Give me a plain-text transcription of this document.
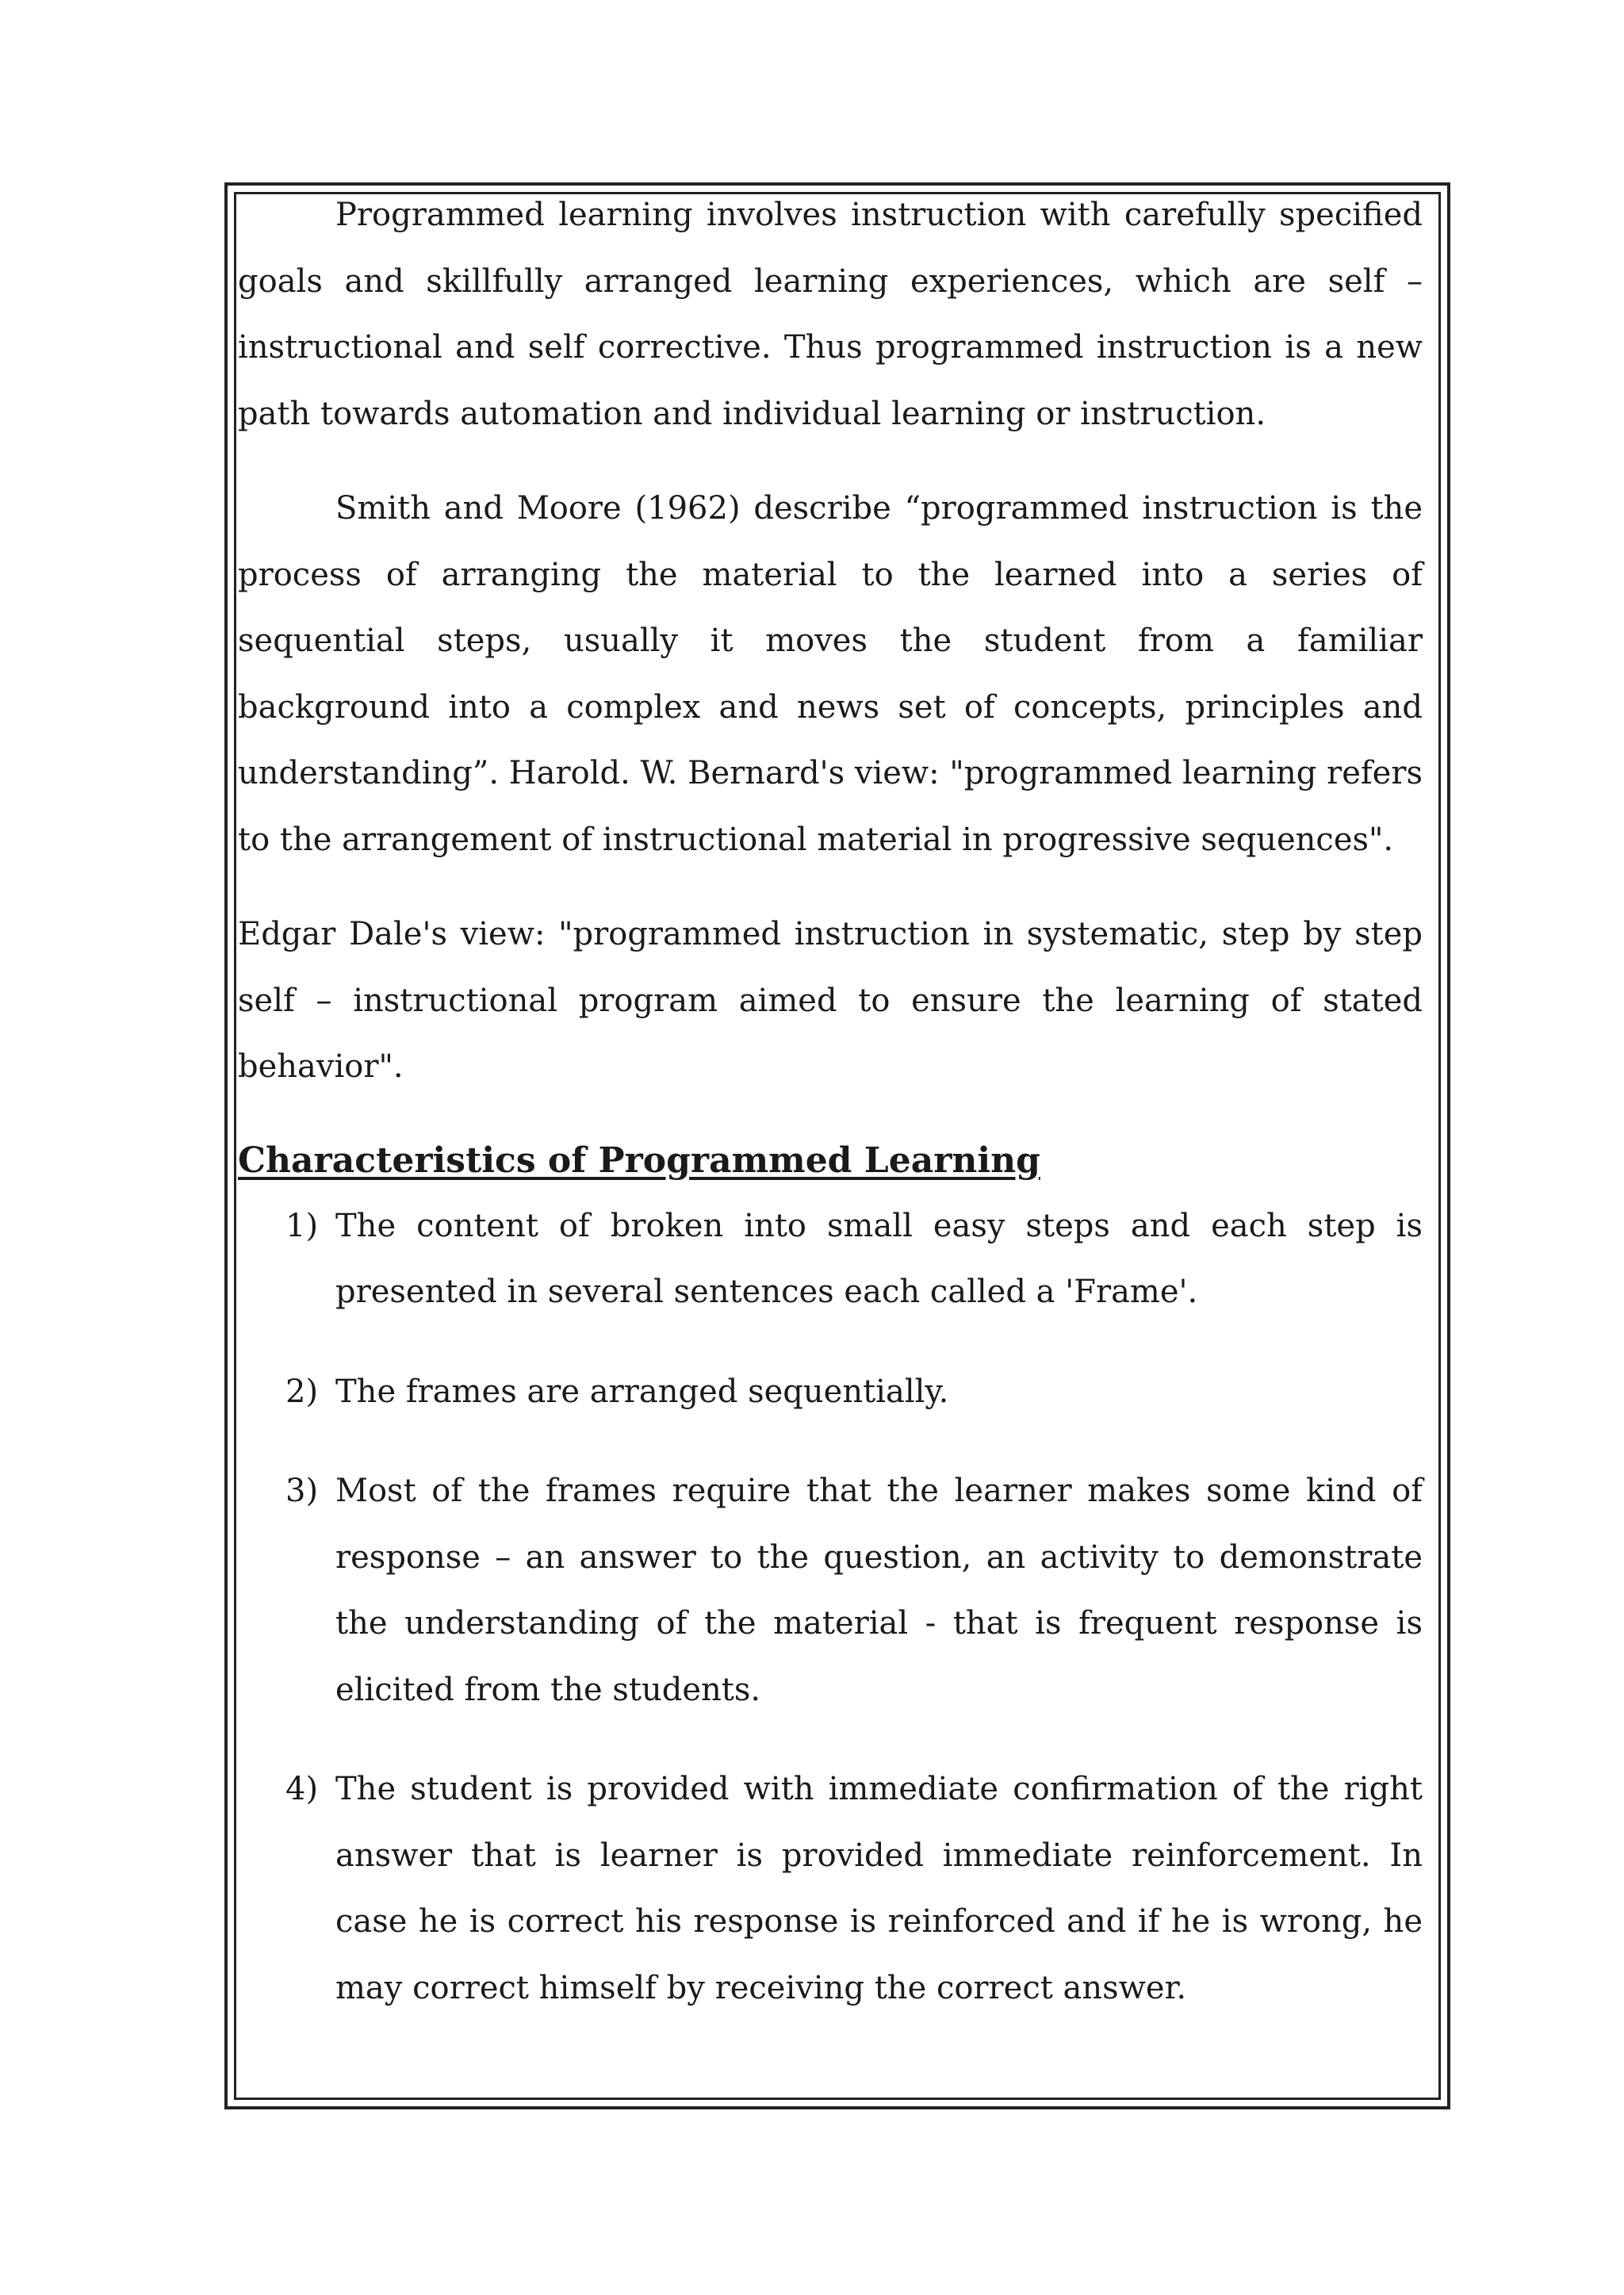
Programmed learning involves instruction with carefully specified goals and skillfully arranged learning experiences, which are self – instructional and self corrective. Thus programmed instruction is a new path towards automation and individual learning or instruction.

Smith and Moore (1962) describe “programmed instruction is the process of arranging the material to the learned into a series of sequential steps, usually it moves the student from a familiar background into a complex and news set of concepts, principles and understanding”. Harold. W. Bernard's view: "programmed learning refers to the arrangement of instructional material in progressive sequences".

Edgar Dale's view: "programmed instruction in systematic, step by step self – instructional program aimed to ensure the learning of stated behavior".

Characteristics of Programmed Learning
1) The content of broken into small easy steps and each step is presented in several sentences each called a 'Frame'.
2) The frames are arranged sequentially.
3) Most of the frames require that the learner makes some kind of response – an answer to the question, an activity to demonstrate the understanding of the material - that is frequent response is elicited from the students.
4) The student is provided with immediate confirmation of the right answer that is learner is provided immediate reinforcement. In case he is correct his response is reinforced and if he is wrong, he may correct himself by receiving the correct answer.
